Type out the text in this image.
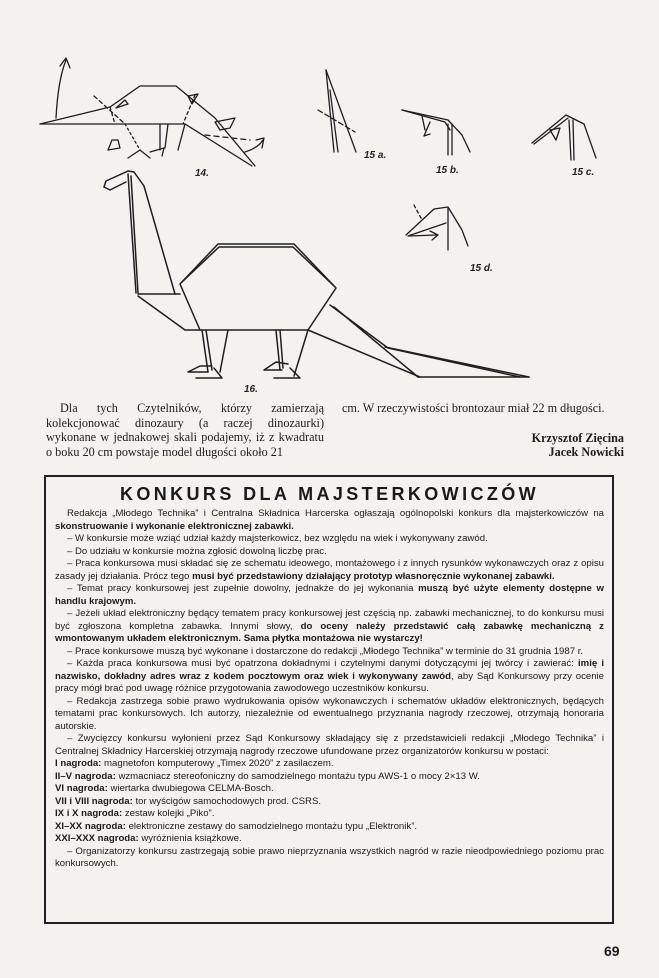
14.
15 a.
15 b.	15 c.
15 d.
16.
Dla tych Czytelników, którzy zamierzają kolekcjonować dinozaury (a raczej dinozaurki) wykonane w jednakowej skali podajemy, iż z kwadratu o boku 20 cm powstaje model długości około 21
cm. W rzeczywistości brontozaur miał 22 m długości.
Krzysztof Zięcina
Jacek Nowicki
KONKURS DLA MAJSTERKOWICZÓW

Redakcja „Młodego Technika” i Centralna Składnica Harcerska ogłaszają ogólnopolski konkurs dla majsterkowiczów na skonstruowanie i wykonanie elektronicznej zabawki.

– W konkursie może wziąć udział każdy majsterkowicz, bez względu na wiek i wykonywany zawód.

– Do udziału w konkursie można zgłosić dowolną liczbę prac.

– Praca konkursowa musi składać się ze schematu ideowego, montażowego i z innych rysunków wykonawczych oraz z opisu zasady jej działania. Prócz tego musi być przedstawiony działający prototyp własnoręcznie wykonanej zabawki.

– Temat pracy konkursowej jest zupełnie dowolny, jednakże do jej wykonania muszą być użyte elementy dostępne w handlu krajowym.

– Jeżeli układ elektroniczny będący tematem pracy konkursowej jest częścią np. zabawki mechanicznej, to do konkursu musi być zgłoszona kompletna zabawka. Innymi słowy, do oceny należy przedstawić całą zabawkę mechaniczną z wmontowanym układem elektronicznym. Sama płytka montażowa nie wystarczy!

– Prace konkursowe muszą być wykonane i dostarczone do redakcji „Młodego Technika” w terminie do 31 grudnia 1987 r.

– Każda praca konkursowa musi być opatrzona dokładnymi i czytelnymi danymi dotyczącymi jej twórcy i zawierać: imię i nazwisko, dokładny adres wraz z kodem pocztowym oraz wiek i wykonywany zawód, aby Sąd Konkursowy przy ocenie pracy mógł brać pod uwagę różnice przygotowania zawodowego uczestników konkursu.

– Redakcja zastrzega sobie prawo wydrukowania opisów wykonawczych i schematów układów elektronicznych, będących tematami prac konkursowych. Ich autorzy, niezależnie od ewentualnego przyznania nagrody rzeczowej, otrzymają honoraria autorskie.

– Zwycięzcy konkursu wyłonieni przez Sąd Konkursowy składający się z przedstawicieli redakcji „Młodego Technika” i Centralnej Składnicy Harcerskiej otrzymają nagrody rzeczowe ufundowane przez organizatorów konkursu w postaci:

I nagroda: magnetofon komputerowy „Timex 2020” z zasilaczem.

II–V nagroda: wzmacniacz stereofoniczny do samodzielnego montażu typu AWS-1 o mocy 2×13 W.

VI nagroda: wiertarka dwubiegowa CELMA-Bosch.

VII i VIII nagroda: tor wyścigów samochodowych prod. CSRS.

IX i X nagroda: zestaw kolejki „Piko”.

XI–XX nagroda: elektroniczne zestawy do samodzielnego montażu typu „Elektronik”.

XXI–XXX nagroda: wyróżnienia książkowe.

– Organizatorzy konkursu zastrzegają sobie prawo nieprzyznania wszystkich nagród w razie nieodpowiedniego poziomu prac konkursowych.

69
